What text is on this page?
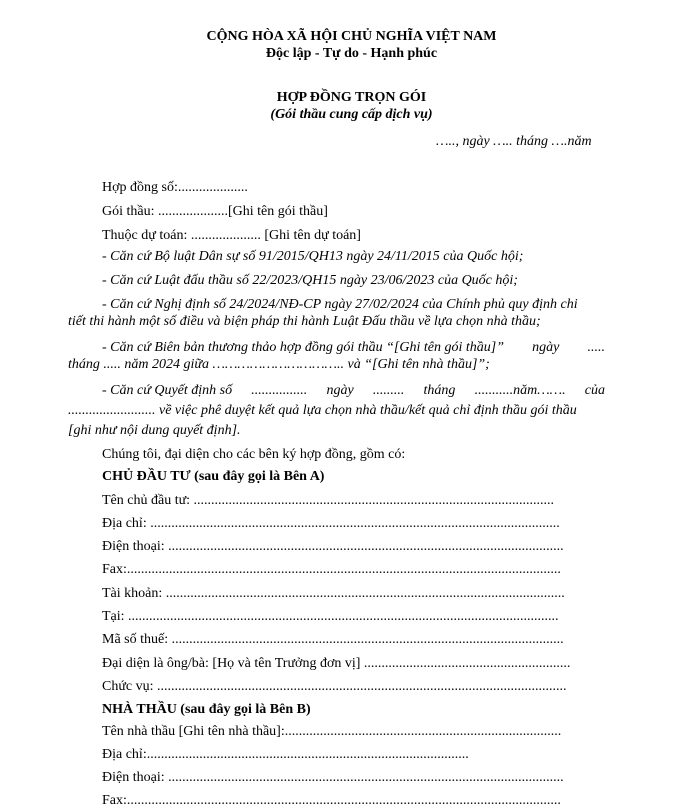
CỘNG HÒA XÃ HỘI CHỦ NGHĨA VIỆT NAM
Độc lập - Tự do - Hạnh phúc
HỢP ĐỒNG TRỌN GÓI
(Gói thầu cung cấp dịch vụ)
….., ngày ….. tháng ….năm
Hợp đồng số:....................
Gói thầu: ....................[Ghi tên gói thầu]
Thuộc dự toán: .................... [Ghi tên dự toán]
- Căn cứ Bộ luật Dân sự số 91/2015/QH13 ngày 24/11/2015 của Quốc hội;
- Căn cứ Luật đấu thầu số 22/2023/QH15 ngày 23/06/2023 của Quốc hội;
- Căn cứ Nghị định số 24/2024/NĐ-CP ngày 27/02/2024 của Chính phủ quy định chi
tiết thi hành một số điều và biện pháp thi hành Luật Đấu thầu về lựa chọn nhà thầu;
- Căn cứ Biên bản thương thảo hợp đồng gói thầu “[Ghi tên gói thầu]” ngày .....
tháng ..... năm 2024 giữa ………………………….. và “[Ghi tên nhà thầu]”;
- Căn cứ Quyết định số ................ ngày ......... tháng ...........năm……. của
......................... về việc phê duyệt kết quả lựa chọn nhà thầu/kết quả chỉ định thầu gói thầu
[ghi như nội dung quyết định].
Chúng tôi, đại diện cho các bên ký hợp đồng, gồm có:
CHỦ ĐẦU TƯ (sau đây gọi là Bên A)
Tên chủ đầu tư: .......................................................................................................
Địa chỉ: .....................................................................................................................
Điện thoại: .................................................................................................................
Fax:............................................................................................................................
Tài khoản: ..................................................................................................................
Tại: ...........................................................................................................................
Mã số thuế: ................................................................................................................
Đại diện là ông/bà: [Họ và tên Trưởng đơn vị] ...........................................................
Chức vụ: .....................................................................................................................
NHÀ THẦU (sau đây gọi là Bên B)
Tên nhà thầu [Ghi tên nhà thầu]:...............................................................................
Địa chỉ:............................................................................................
Điện thoại: .................................................................................................................
Fax:............................................................................................................................
